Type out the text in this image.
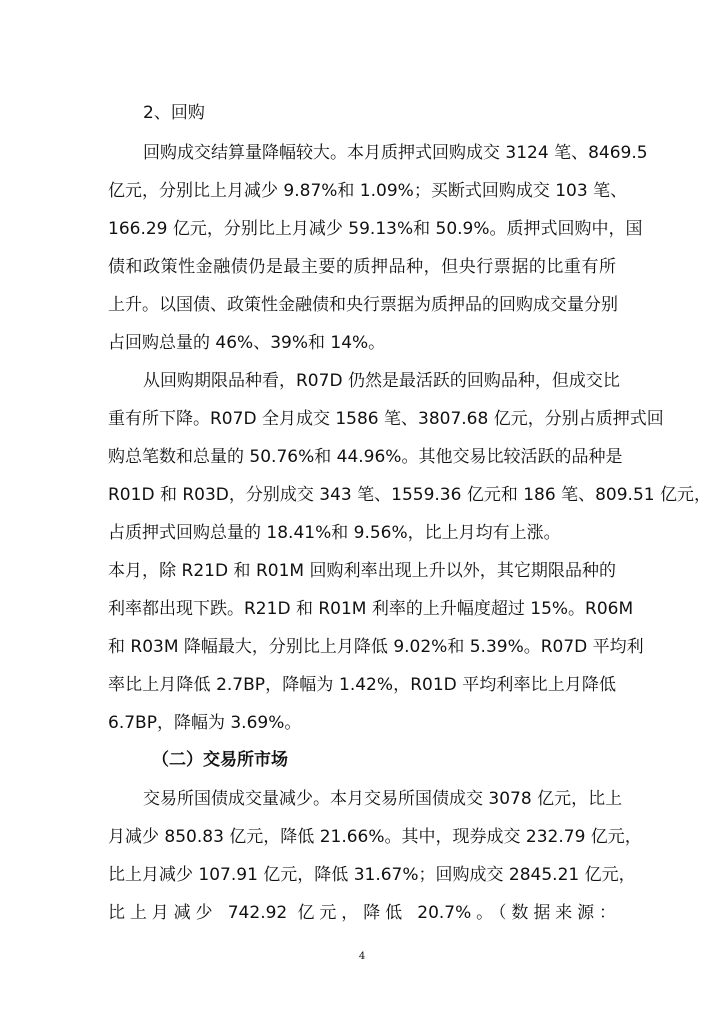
2、回购
回购成交结算量降幅较大。本月质押式回购成交 3124 笔、8469.5
亿元，分别比上月减少 9.87%和 1.09%；买断式回购成交 103 笔、
166.29 亿元，分别比上月减少 59.13%和 50.9%。质押式回购中，国
债和政策性金融债仍是最主要的质押品种，但央行票据的比重有所
上升。以国债、政策性金融债和央行票据为质押品的回购成交量分别
占回购总量的 46%、39%和 14%。
从回购期限品种看，R07D 仍然是最活跃的回购品种，但成交比
重有所下降。R07D 全月成交 1586 笔、3807.68 亿元，分别占质押式回
购总笔数和总量的 50.76%和 44.96%。其他交易比较活跃的品种是
R01D 和 R03D，分别成交 343 笔、1559.36 亿元和 186 笔、809.51 亿元，
占质押式回购总量的 18.41%和 9.56%，比上月均有上涨。
本月，除 R21D 和 R01M 回购利率出现上升以外，其它期限品种的
利率都出现下跌。R21D 和 R01M 利率的上升幅度超过 15%。R06M
和 R03M 降幅最大，分别比上月降低 9.02%和 5.39%。R07D 平均利
率比上月降低 2.7BP，降幅为 1.42%，R01D 平均利率比上月降低
6.7BP，降幅为 3.69%。
（二）交易所市场
交易所国债成交量减少。本月交易所国债成交 3078 亿元，比上
月减少 850.83 亿元，降低 21.66%。其中，现券成交 232.79 亿元，
比上月减少 107.91 亿元，降低 31.67%；回购成交 2845.21 亿元，
比上月减少 742.92 亿元，降低 20.7%。（数据来源：
4
